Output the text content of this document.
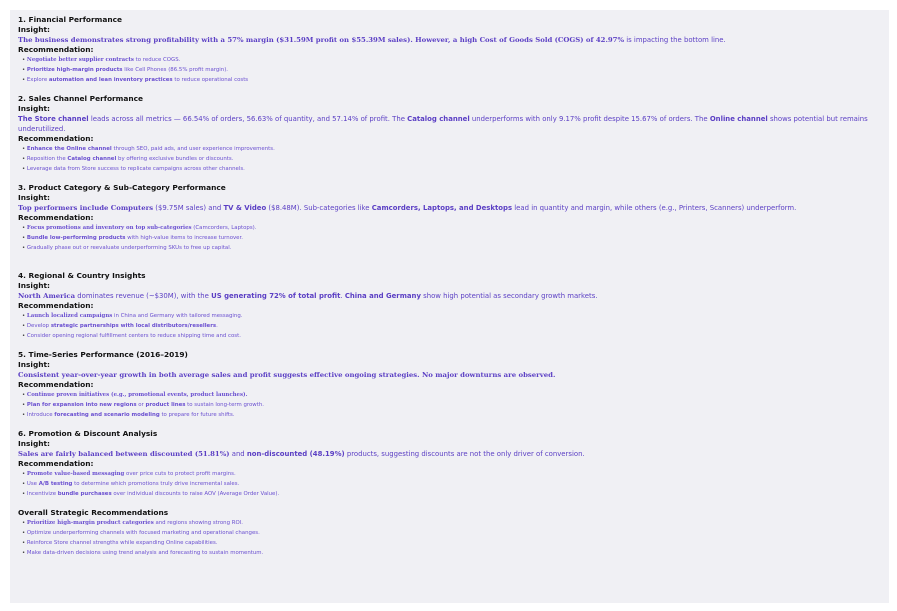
1. Financial Performance

Insight:

The business demonstrates strong profitability with a 57% margin ($31.59M profit on $55.39M sales). However, a high Cost of Goods Sold (COGS) of 42.97% is impacting the bottom line.

Recommendation:

• Negotiate better supplier contracts to reduce COGS.
• Prioritize high-margin products like Cell Phones (86.5% profit margin).
• Explore automation and lean inventory practices to reduce operational costs
2. Sales Channel Performance

Insight:

The Store channel leads across all metrics — 66.54% of orders, 56.63% of quantity, and 57.14% of profit. The Catalog channel underperforms with only 9.17% profit despite 15.67% of orders. The Online channel shows potential but remains underutilized.

Recommendation:

• Enhance the Online channel through SEO, paid ads, and user experience improvements.
• Reposition the Catalog channel by offering exclusive bundles or discounts.
• Leverage data from Store success to replicate campaigns across other channels.
3. Product Category & Sub-Category Performance

Insight:

Top performers include Computers ($9.75M sales) and TV & Video ($8.48M). Sub-categories like Camcorders, Laptops, and Desktops lead in quantity and margin, while others (e.g., Printers, Scanners) underperform.

Recommendation:

• Focus promotions and inventory on top sub-categories (Camcorders, Laptops).
• Bundle low-performing products with high-value items to increase turnover.
• Gradually phase out or reevaluate underperforming SKUs to free up capital.
4. Regional & Country Insights

Insight:

North America dominates revenue (~$30M), with the US generating 72% of total profit. China and Germany show high potential as secondary growth markets.

Recommendation:

• Launch localized campaigns in China and Germany with tailored messaging.
• Develop strategic partnerships with local distributors/resellers.
• Consider opening regional fulfillment centers to reduce shipping time and cost.
5. Time-Series Performance (2016–2019)

Insight:

Consistent year-over-year growth in both average sales and profit suggests effective ongoing strategies. No major downturns are observed.

Recommendation:

• Continue proven initiatives (e.g., promotional events, product launches).
• Plan for expansion into new regions or product lines to sustain long-term growth.
• Introduce forecasting and scenario modeling to prepare for future shifts.
6. Promotion & Discount Analysis

Insight:

Sales are fairly balanced between discounted (51.81%) and non-discounted (48.19%) products, suggesting discounts are not the only driver of conversion.

Recommendation:

• Promote value-based messaging over price cuts to protect profit margins.
• Use A/B testing to determine which promotions truly drive incremental sales.
• Incentivize bundle purchases over individual discounts to raise AOV (Average Order Value).
Overall Strategic Recommendations
• Prioritize high-margin product categories and regions showing strong ROI.
• Optimize underperforming channels with focused marketing and operational changes.
• Reinforce Store channel strengths while expanding Online capabilities.
• Make data-driven decisions using trend analysis and forecasting to sustain momentum.
